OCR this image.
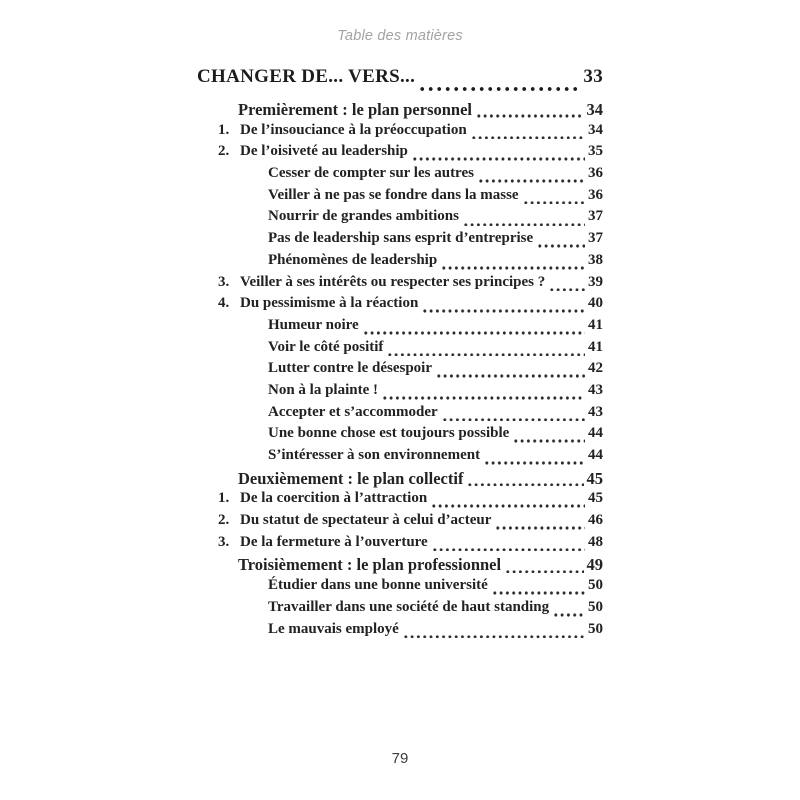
Table des matières
CHANGER DE... VERS...	33
Premièrement : le plan personnel	34
1. De l’insouciance à la préoccupation	34
2. De l’oisiveté au leadership	35
Cesser de compter sur les autres	36
Veiller à ne pas se fondre dans la masse	36
Nourrir de grandes ambitions	37
Pas de leadership sans esprit d’entreprise	37
Phénomènes de leadership	38
3. Veiller à ses intérêts ou respecter ses principes ?	39
4. Du pessimisme à la réaction	40
Humeur noire	41
Voir le côté positif	41
Lutter contre le désespoir	42
Non à la plainte !	43
Accepter et s’accommoder	43
Une bonne chose est toujours possible	44
S’intéresser à son environnement	44
Deuxièmement : le plan collectif	45
1. De la coercition à l’attraction	45
2. Du statut de spectateur à celui d’acteur	46
3. De la fermeture à l’ouverture	48
Troisièmement : le plan professionnel	49
Étudier dans une bonne université	50
Travailler dans une société de haut standing	50
Le mauvais employé	50
79
